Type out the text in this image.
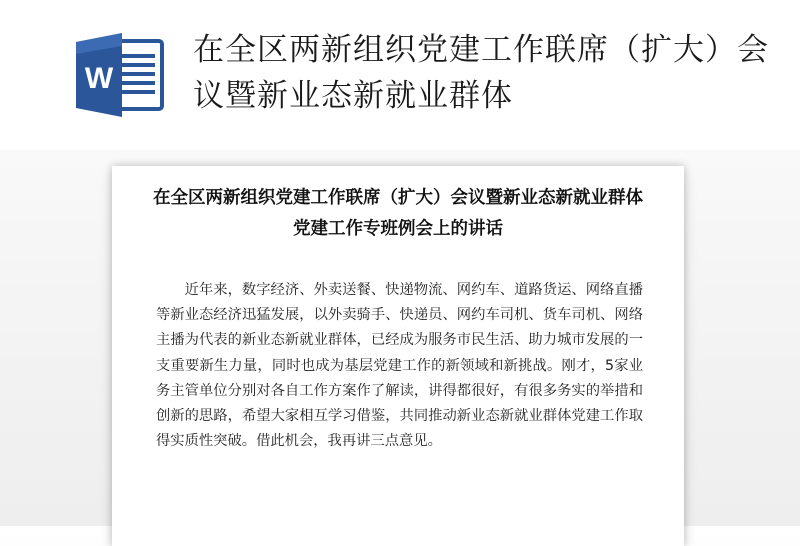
W
在全区两新组织党建工作联席（扩大）会议暨新业态新就业群体
在全区两新组织党建工作联席（扩大）会议暨新业态新就业群体党建工作专班例会上的讲话

近年来，数字经济、外卖送餐、快递物流、网约车、道路货运、网络直播等新业态经济迅猛发展，以外卖骑手、快递员、网约车司机、货车司机、网络主播为代表的新业态新就业群体，已经成为服务市民生活、助力城市发展的一支重要新生力量，同时也成为基层党建工作的新领域和新挑战。刚才，5家业务主管单位分别对各自工作方案作了解读，讲得都很好，有很多务实的举措和创新的思路，希望大家相互学习借鉴，共同推动新业态新就业群体党建工作取得实质性突破。借此机会，我再讲三点意见。
